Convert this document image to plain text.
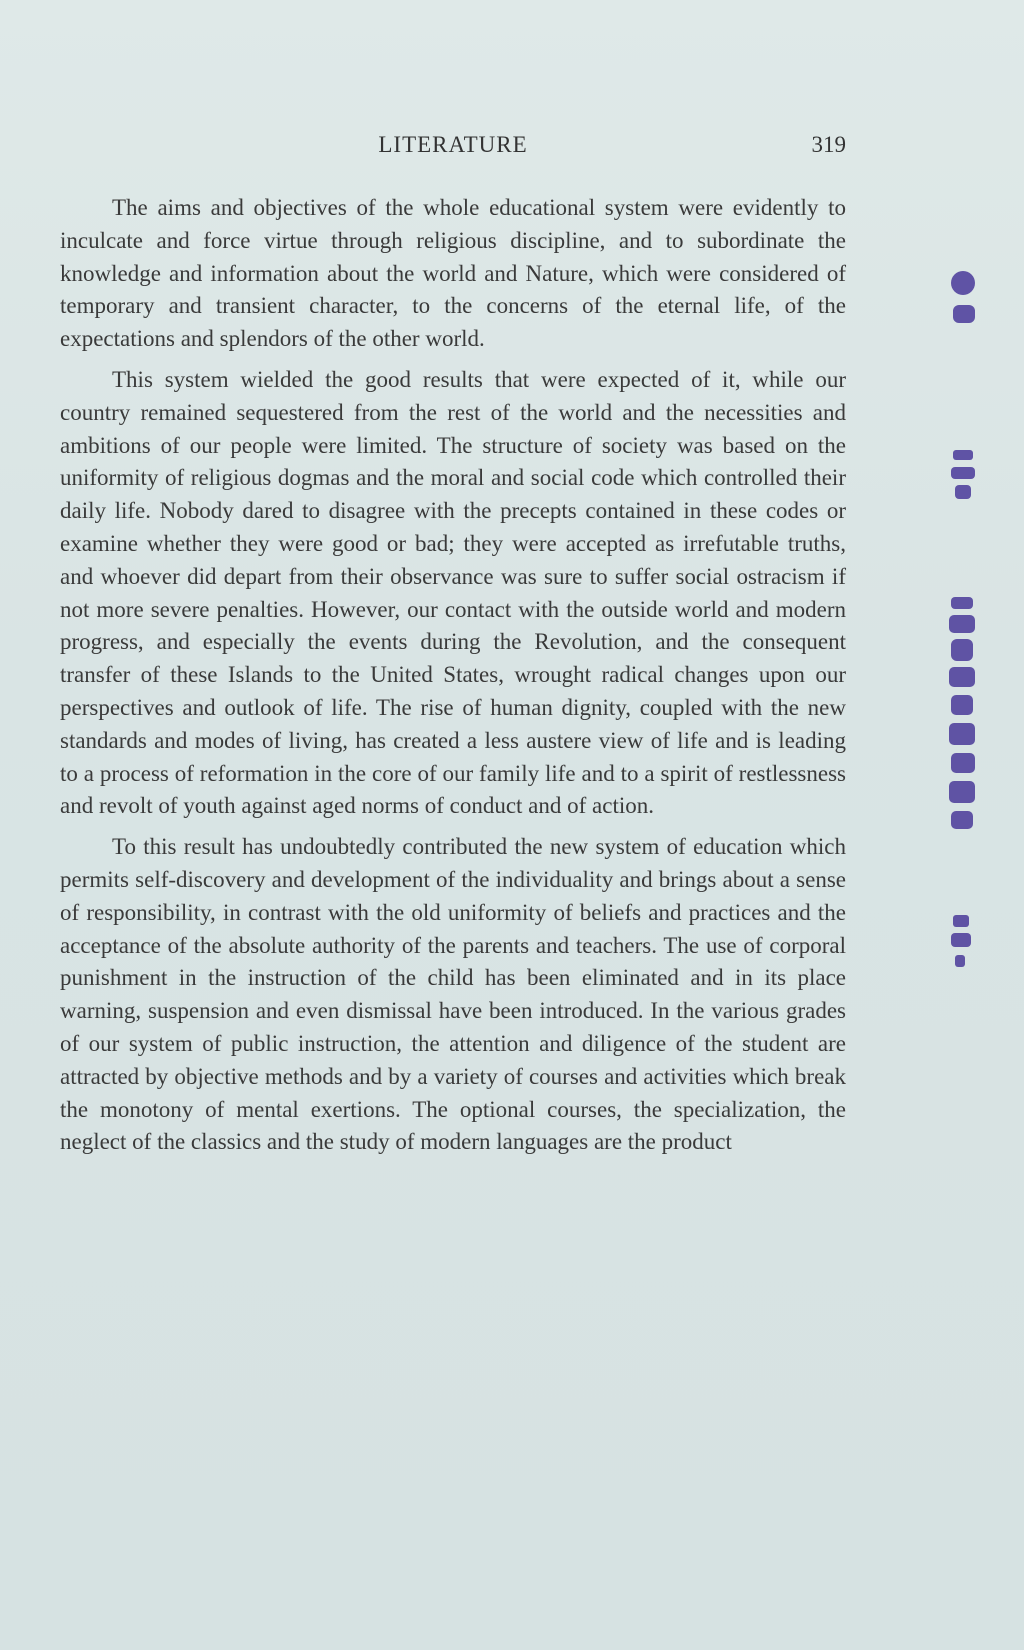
LITERATURE	319

The aims and objectives of the whole educational system were evidently to inculcate and force virtue through religious discipline, and to subordinate the knowledge and information about the world and Nature, which were considered of temporary and transient character, to the concerns of the eternal life, of the expectations and splendors of the other world.

This system wielded the good results that were expected of it, while our country remained sequestered from the rest of the world and the necessities and ambitions of our people were limited. The structure of society was based on the uniformity of religious dogmas and the moral and social code which controlled their daily life. Nobody dared to disagree with the precepts contained in these codes or examine whether they were good or bad; they were accepted as irrefutable truths, and whoever did depart from their observance was sure to suffer social ostracism if not more severe penalties. However, our contact with the outside world and modern progress, and especially the events during the Revolution, and the consequent transfer of these Islands to the United States, wrought radical changes upon our perspectives and outlook of life. The rise of human dignity, coupled with the new standards and modes of living, has created a less austere view of life and is leading to a process of reformation in the core of our family life and to a spirit of restlessness and revolt of youth against aged norms of conduct and of action.

To this result has undoubtedly contributed the new system of education which permits self-discovery and development of the individuality and brings about a sense of responsibility, in contrast with the old uniformity of beliefs and practices and the acceptance of the absolute authority of the parents and teachers. The use of corporal punishment in the instruction of the child has been eliminated and in its place warning, suspension and even dismissal have been introduced. In the various grades of our system of public instruction, the attention and diligence of the student are attracted by objective methods and by a variety of courses and activities which break the monotony of mental exertions. The optional courses, the specialization, the neglect of the classics and the study of modern languages are the product
